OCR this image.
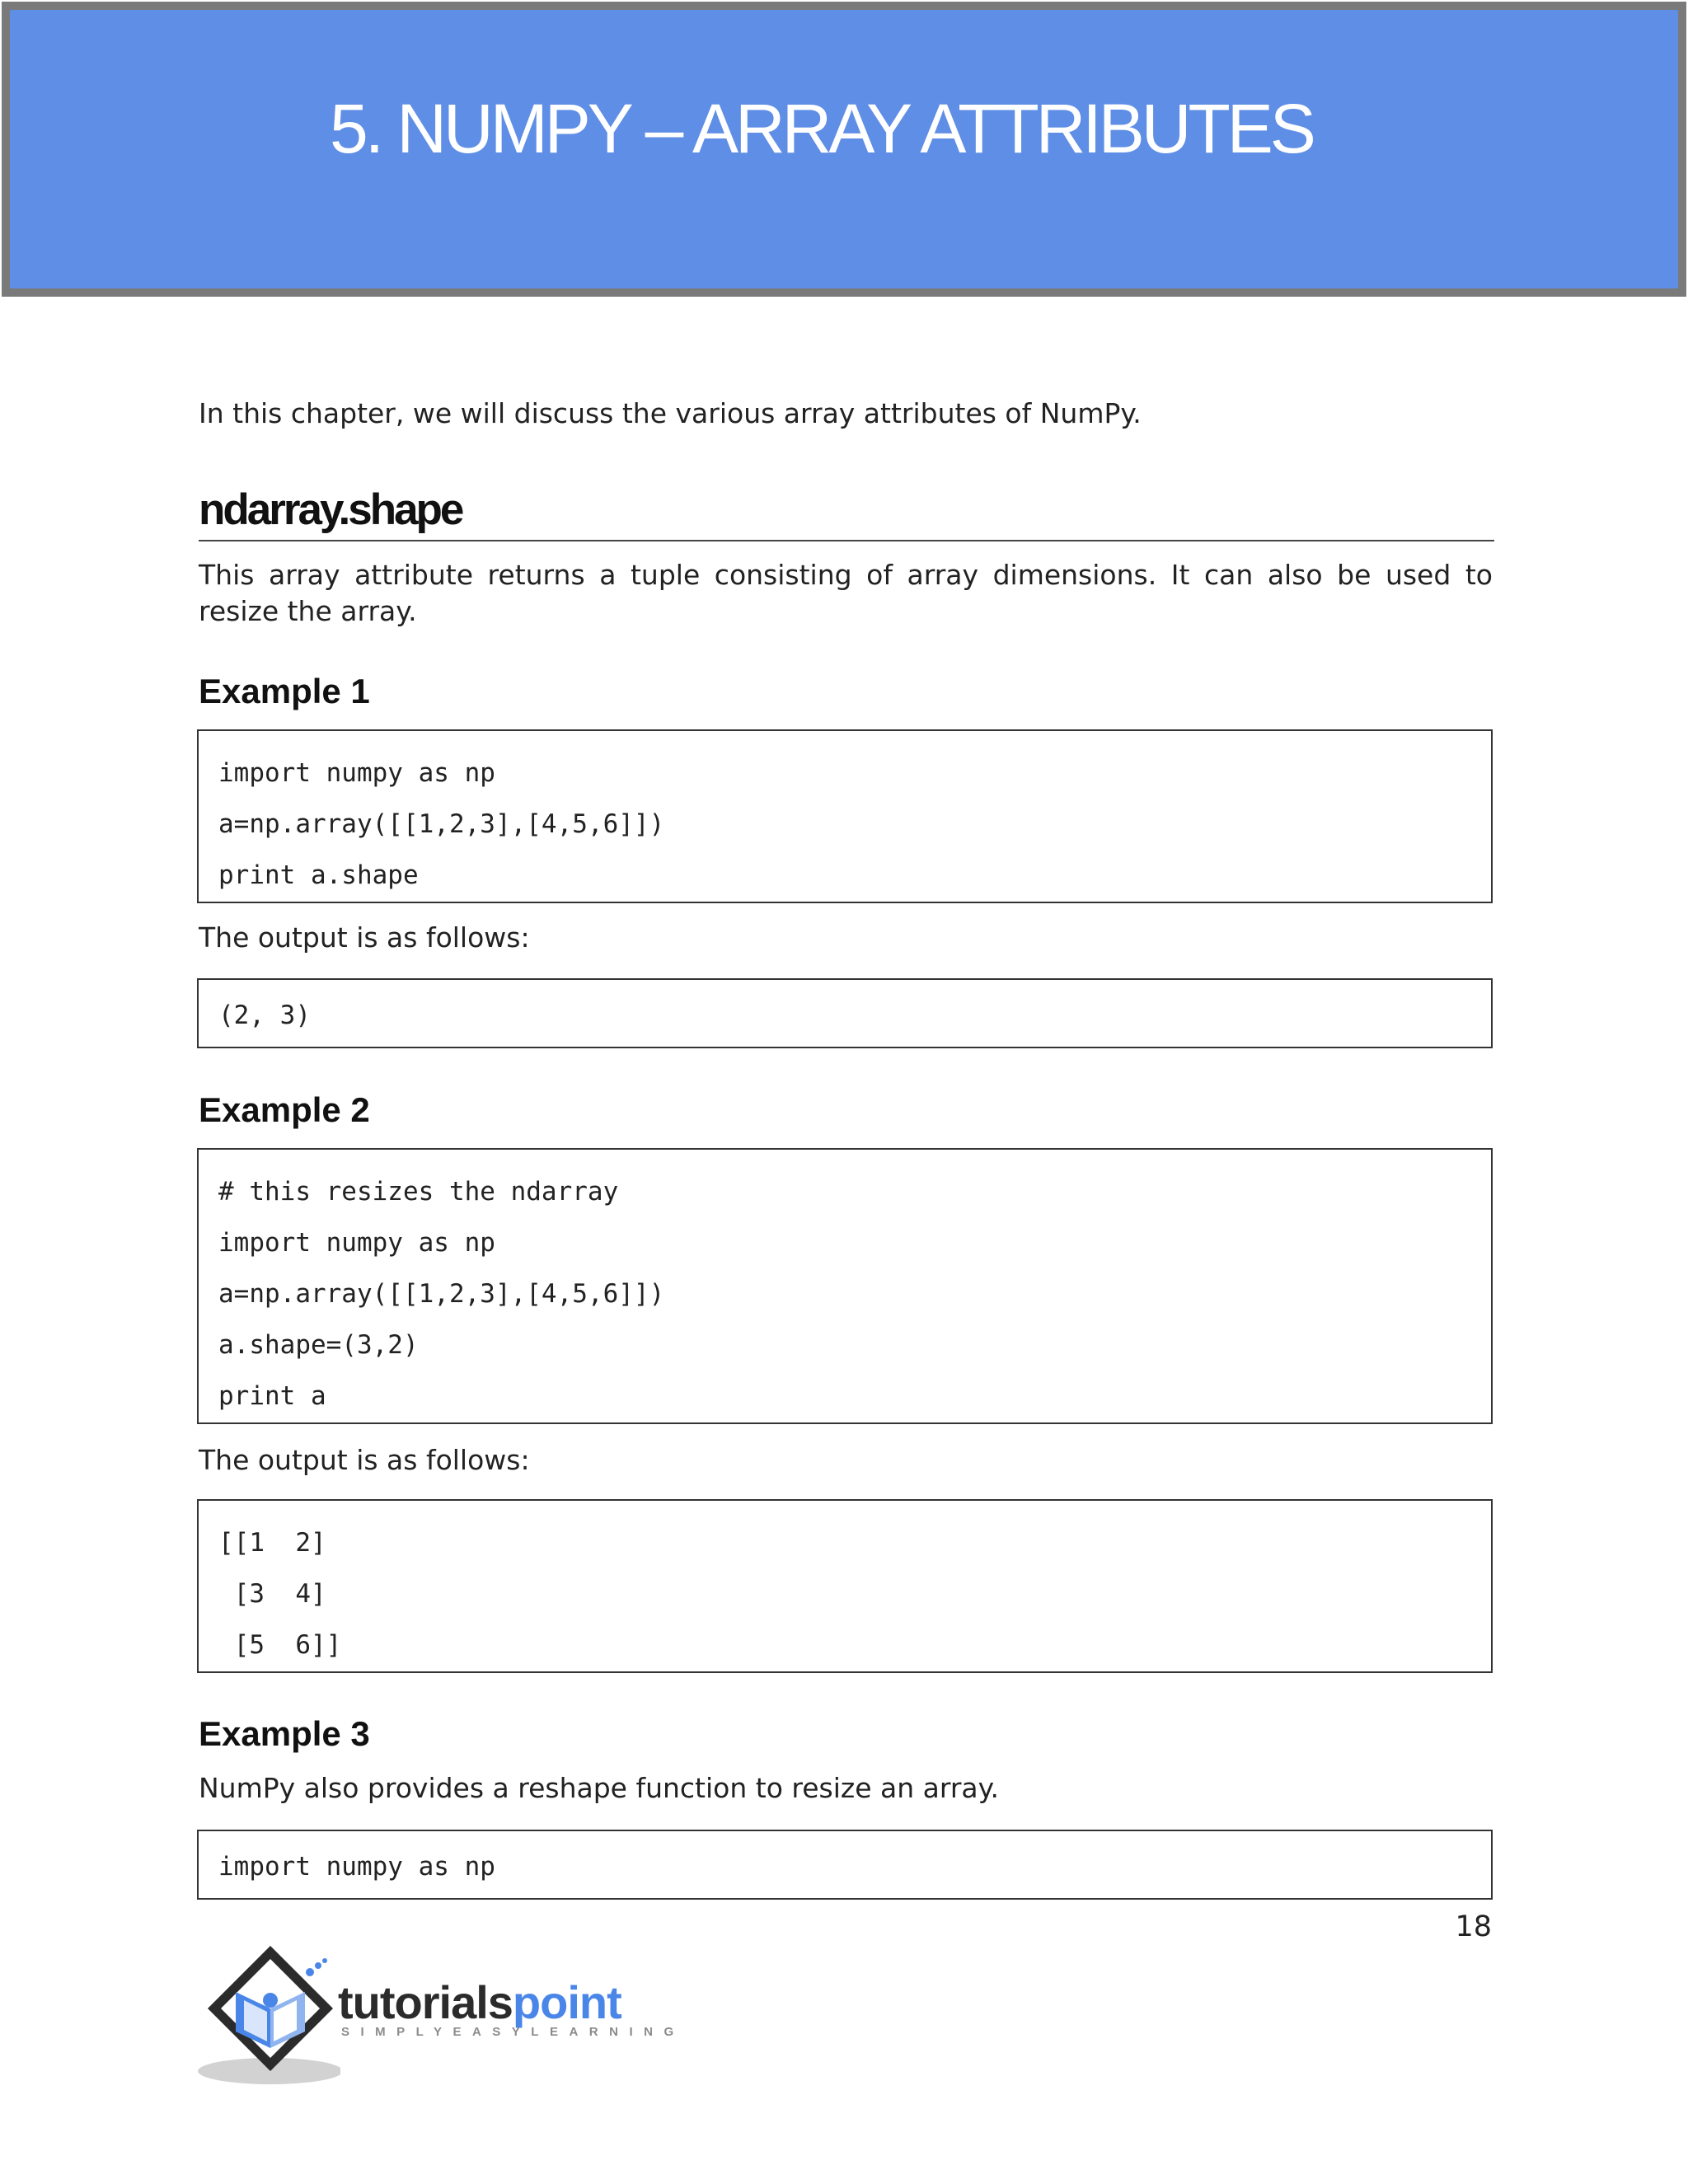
5. NUMPY – ARRAY ATTRIBUTES

In this chapter, we will discuss the various array attributes of NumPy.

ndarray.shape

This array attribute returns a tuple consisting of array dimensions. It can also be used to resize the array.

Example 1
import numpy as np
a=np.array([[1,2,3],[4,5,6]])
print a.shape

The output is as follows:

(2, 3)
Example 2
# this resizes the ndarray
import numpy as np
a=np.array([[1,2,3],[4,5,6]])
a.shape=(3,2)
print a

The output is as follows:

[[1  2]
[3  4]
[5  6]]
Example 3

NumPy also provides a reshape function to resize an array.

import numpy as np
18

tutorialspoint

SIMPLYEASYLEARNING
